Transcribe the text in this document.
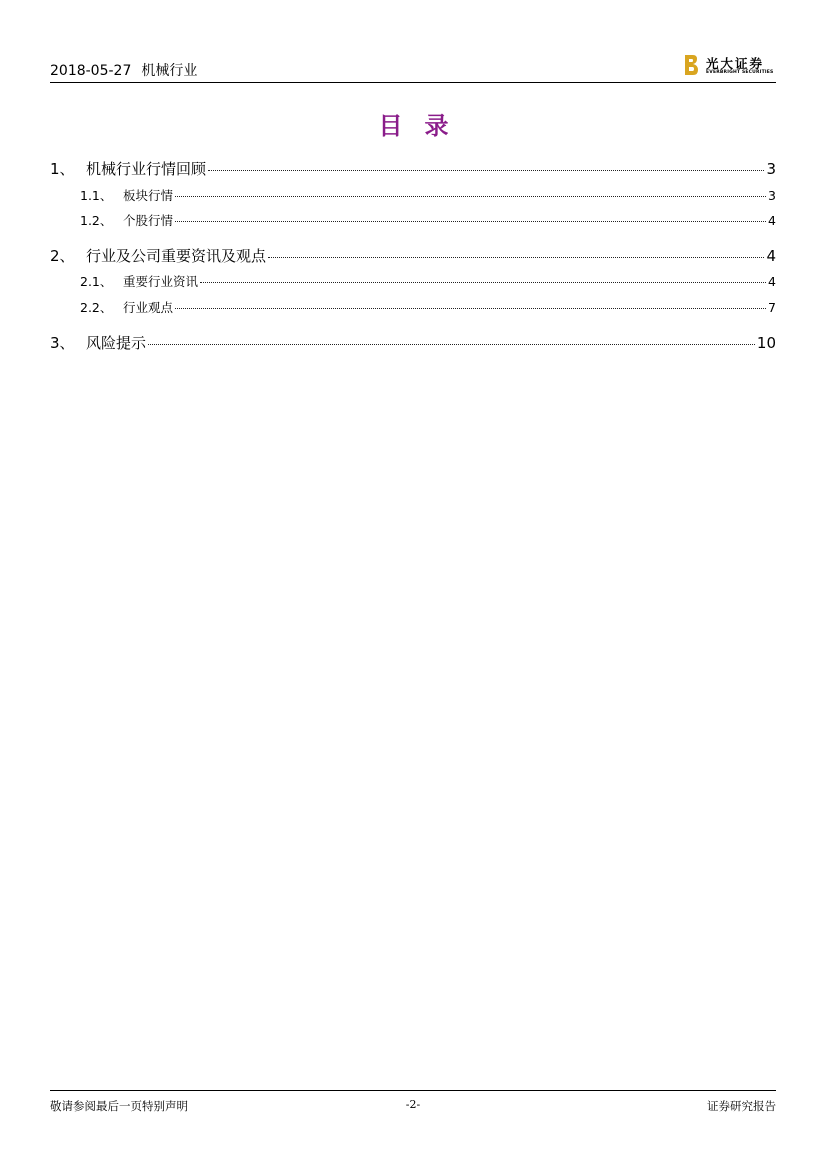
2018-05-27 机械行业	光大证券
EVERBRIGHT SECURITIES
目录
1、 机械行业行情回顾	3
1.1、 板块行情	3
1.2、 个股行情	4
2、 行业及公司重要资讯及观点	4
2.1、 重要行业资讯	4
2.2、 行业观点	7
3、 风险提示	10
敬请参阅最后一页特别声明	-2-	证券研究报告
